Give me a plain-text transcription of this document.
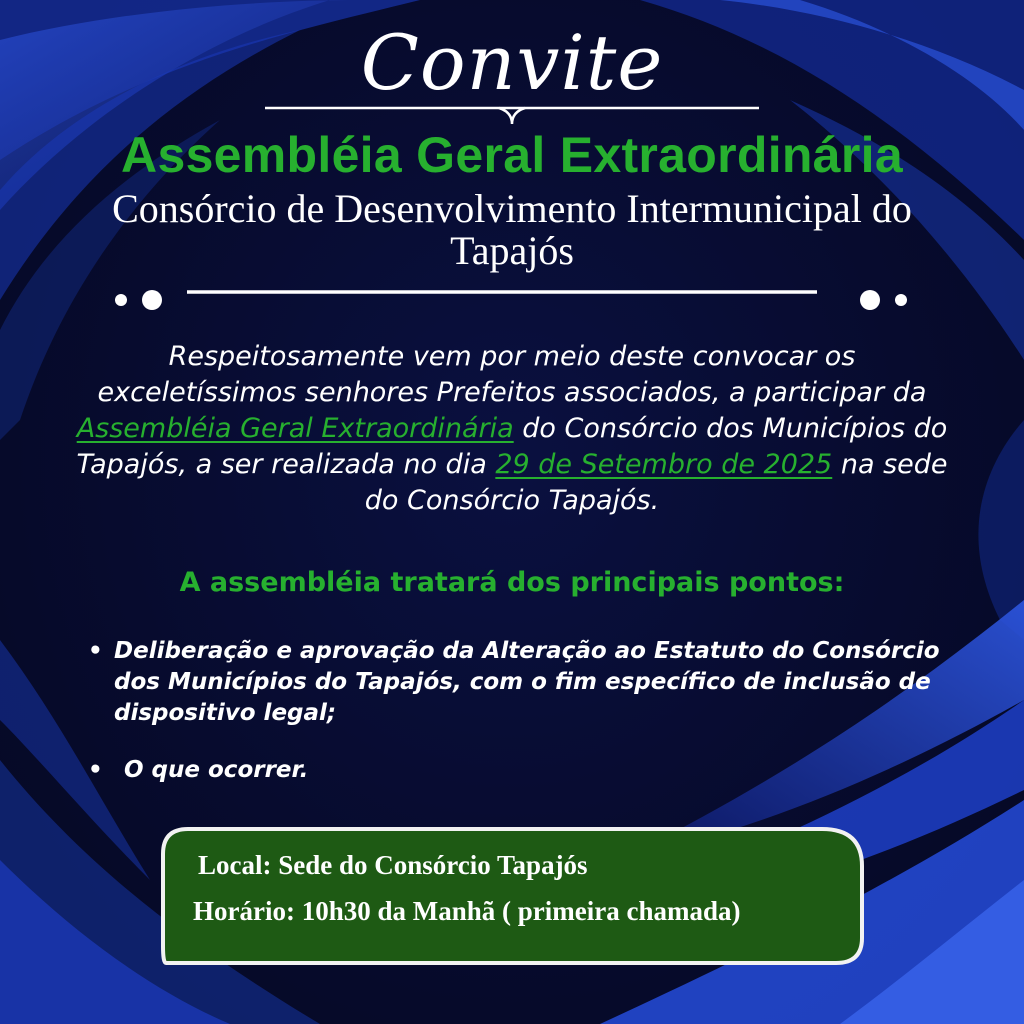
Convite
Assembléia Geral Extraordinária
Consórcio de Desenvolvimento Intermunicipal do
Tapajós
Respeitosamente vem por meio deste convocar os exceletíssimos senhores Prefeitos associados, a participar da Assembléia Geral Extraordinária do Consórcio dos Municípios do Tapajós, a ser realizada no dia 29 de Setembro de 2025 na sede do Consórcio Tapajós.
A assembléia tratará dos principais pontos:
• Deliberação e aprovação da Alteração ao Estatuto do Consórcio dos Municípios do Tapajós, com o fim específico de inclusão de dispositivo legal;
• O que ocorrer.
Local: Sede do Consórcio Tapajós
Horário: 10h30 da Manhã ( primeira chamada)
